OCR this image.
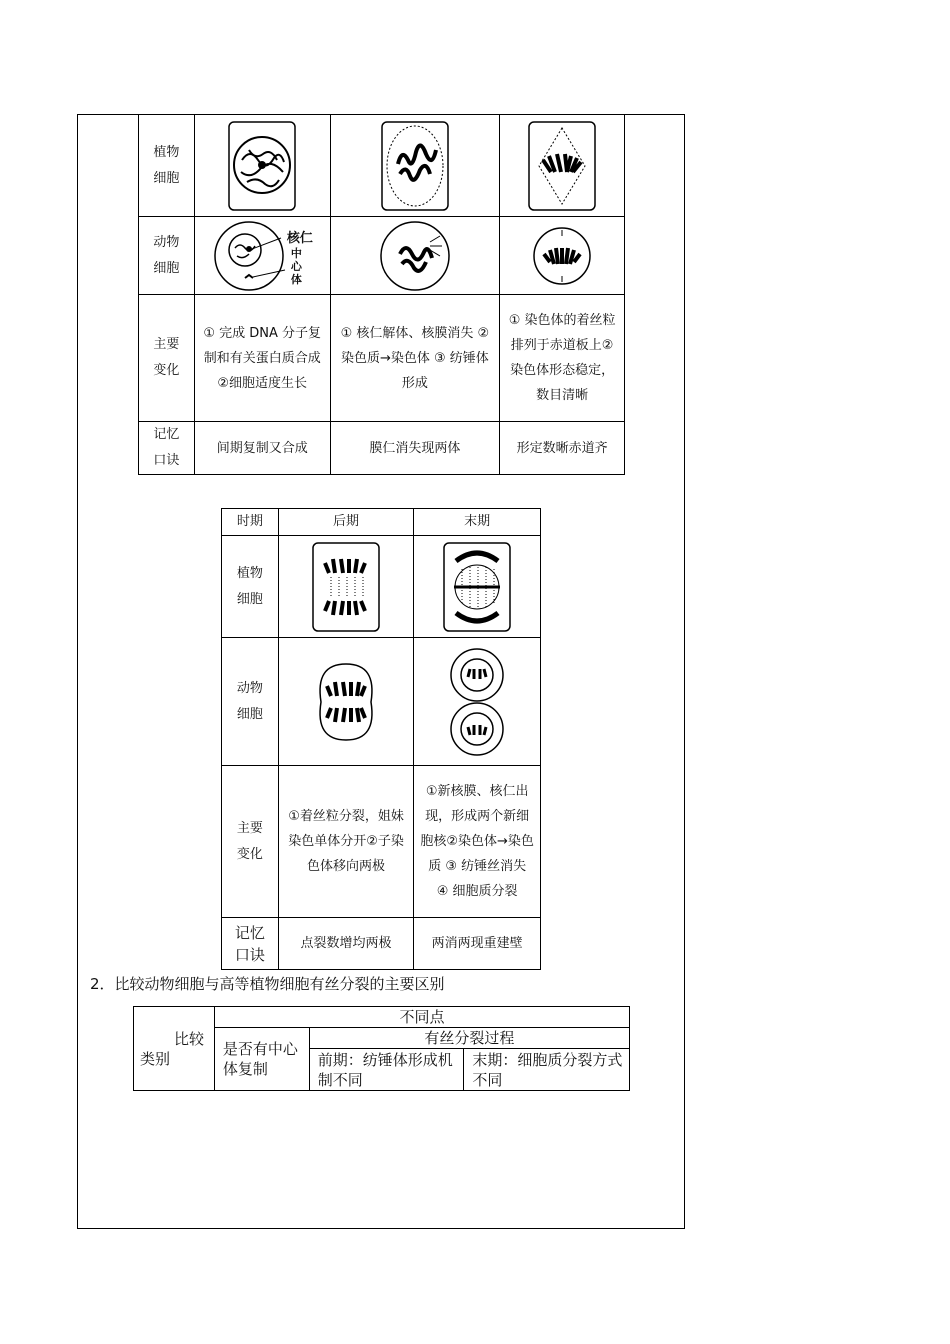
植物
细胞	

动物
细胞	核仁
中
心
体

主要
变化	① 完成 DNA 分子复制和有关蛋白质合成②细胞适度生长	① 核仁解体、核膜消失 ②染色质→染色体 ③ 纺锤体形成	① 染色体的着丝粒排列于赤道板上②染色体形态稳定，数目清晰
记忆
口诀	间期复制又合成	膜仁消失现两体	形定数晰赤道齐
时期	后期	末期
植物
细胞	

动物
细胞	

主要
变化	①着丝粒分裂，姐妹染色单体分开②子染色体移向两极	①新核膜、核仁出现，形成两个新细胞核②染色体→染色质 ③ 纺锤丝消失 ④ 细胞质分裂
记忆
口诀	点裂数增均两极	两消两现重建壁
2．比较动物细胞与高等植物细胞有丝分裂的主要区别
比较
类别	不同点		
	是否有中心体复制	有丝分裂过程	
		前期：纺锤体形成机制不同	末期：细胞质分裂方式不同
